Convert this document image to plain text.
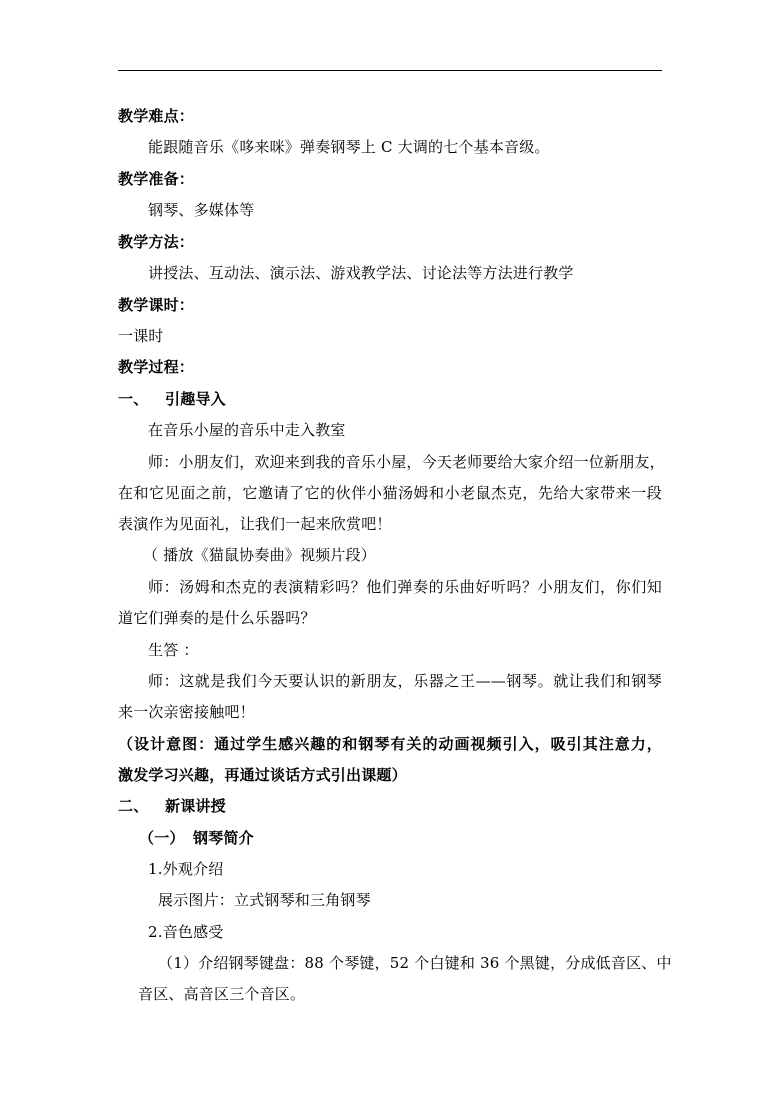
教学难点：
能跟随音乐《哆来咪》弹奏钢琴上 C 大调的七个基本音级。
教学准备：
钢琴、多媒体等
教学方法：
讲授法、互动法、演示法、游戏教学法、讨论法等方法进行教学
教学课时：
一课时
教学过程：
一、 引趣导入
在音乐小屋的音乐中走入教室
师：小朋友们，欢迎来到我的音乐小屋，今天老师要给大家介绍一位新朋友，
在和它见面之前，它邀请了它的伙伴小猫汤姆和小老鼠杰克，先给大家带来一段
表演作为见面礼，让我们一起来欣赏吧！
（ 播放《猫鼠协奏曲》视频片段）
师：汤姆和杰克的表演精彩吗？他们弹奏的乐曲好听吗？小朋友们，你们知
道它们弹奏的是什么乐器吗？
生答 ：
师：这就是我们今天要认识的新朋友，乐器之王——钢琴。就让我们和钢琴
来一次亲密接触吧！
（设计意图：通过学生感兴趣的和钢琴有关的动画视频引入，吸引其注意力，
激发学习兴趣，再通过谈话方式引出课题）
二、 新课讲授
（一） 钢琴简介
1.外观介绍
展示图片：立式钢琴和三角钢琴
2.音色感受
（1）介绍钢琴键盘：88 个琴键，52 个白键和 36 个黑键，分成低音区、中
音区、高音区三个音区。
